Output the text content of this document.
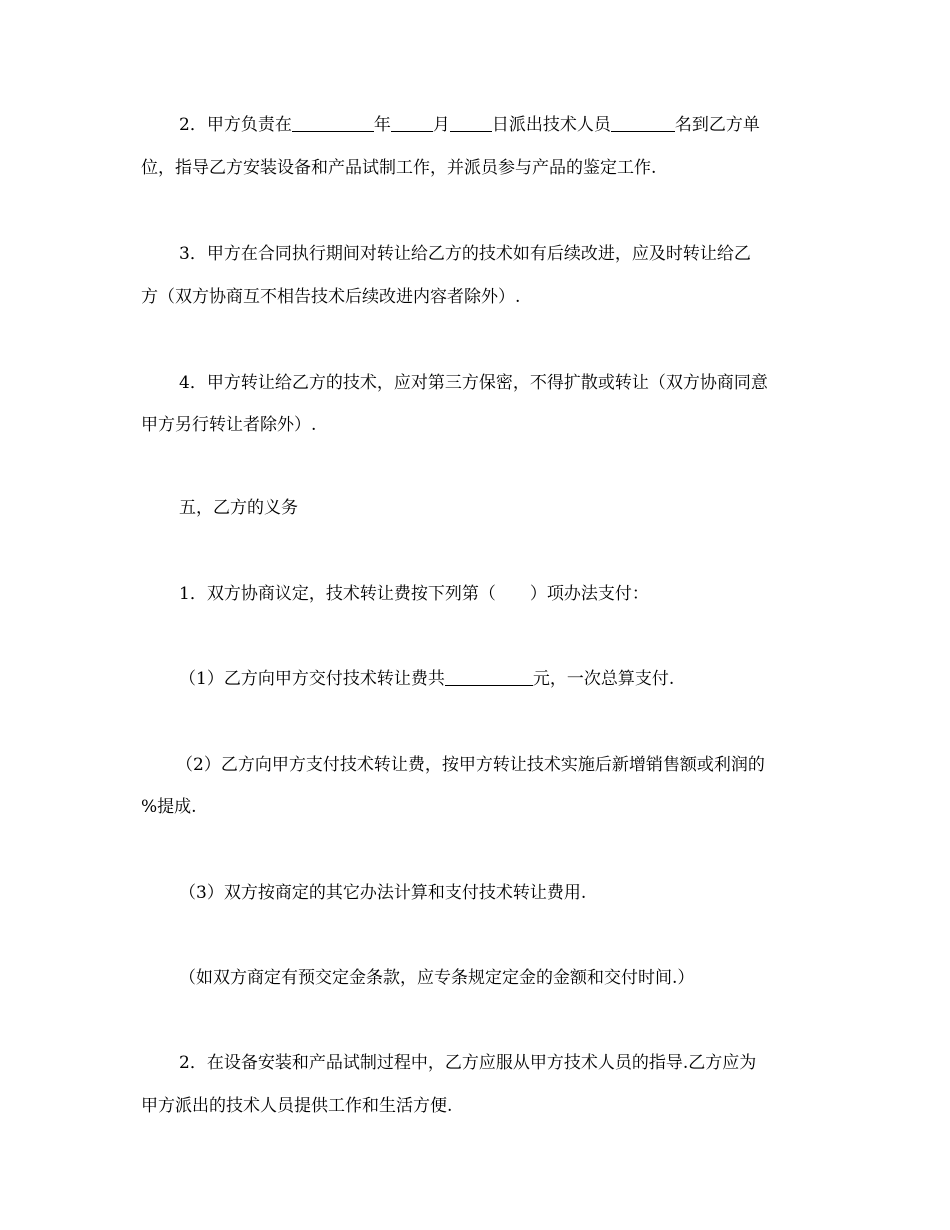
2．甲方负责在	年 月 日派出技术人员	名到乙方单
位，指导乙方安装设备和产品试制工作，并派员参与产品的鉴定工作.
3．甲方在合同执行期间对转让给乙方的技术如有后续改进，应及时转让给乙
方（双方协商互不相告技术后续改进内容者除外）.
4．甲方转让给乙方的技术，应对第三方保密，不得扩散或转让（双方协商同意
甲方另行转让者除外）.
五，乙方的义务
1．双方协商议定，技术转让费按下列第（　　）项办法支付：
（1）乙方向甲方交付技术转让费共	元，一次总算支付.
（2）乙方向甲方支付技术转让费，按甲方转让技术实施后新增销售额或利润的
%提成.
（3）双方按商定的其它办法计算和支付技术转让费用.
（如双方商定有预交定金条款，应专条规定定金的金额和交付时间.）
2．在设备安装和产品试制过程中，乙方应服从甲方技术人员的指导.乙方应为
甲方派出的技术人员提供工作和生活方便.
